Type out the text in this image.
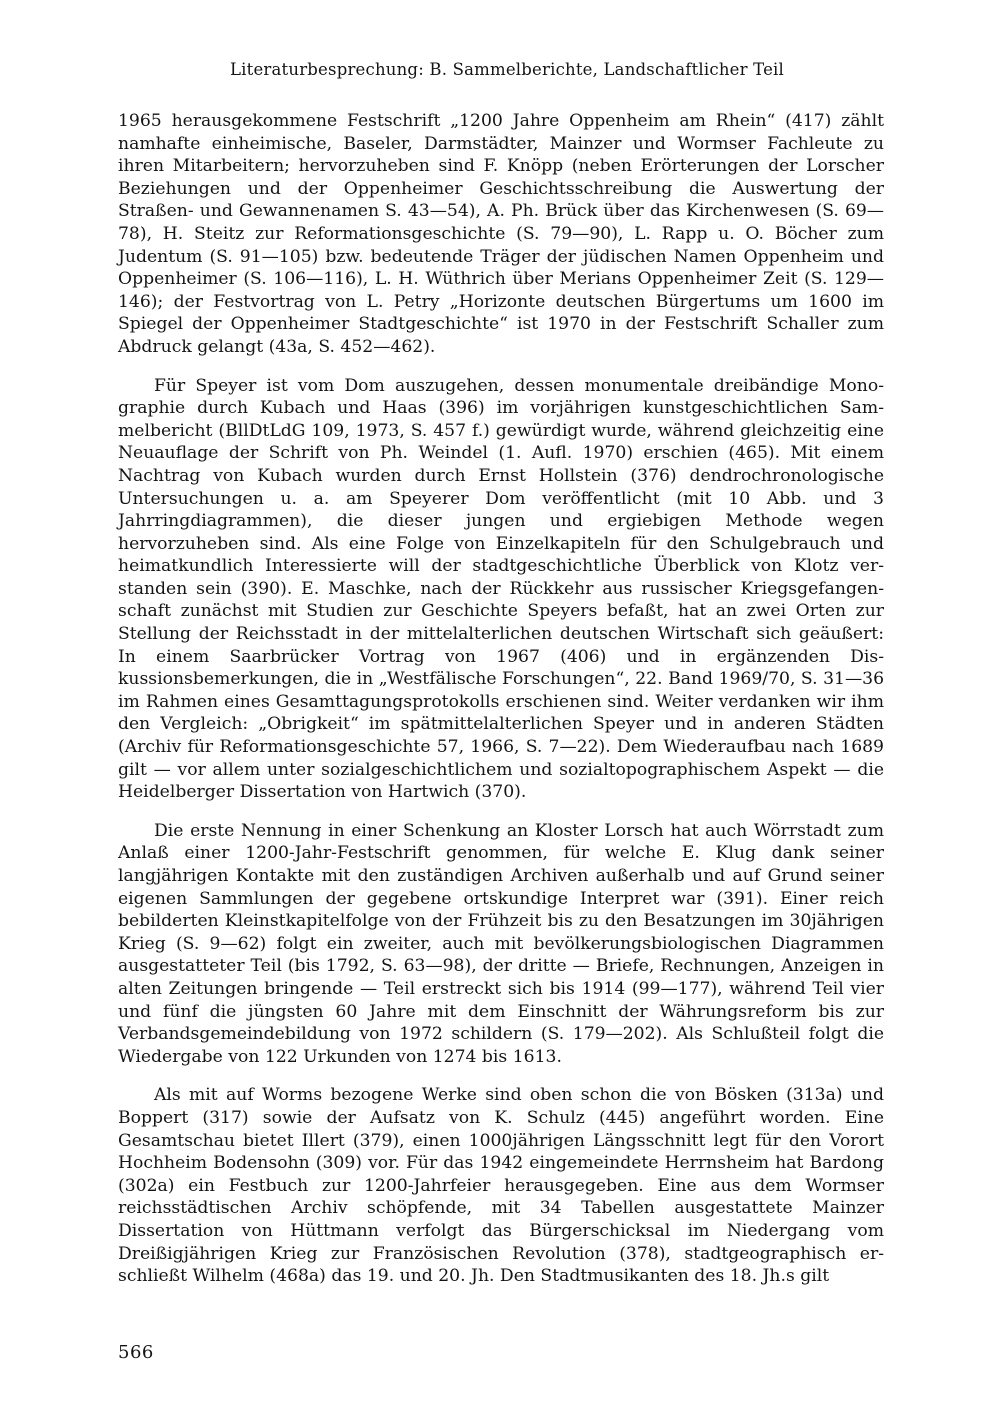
Literaturbesprechung: B. Sammelberichte, Landschaftlicher Teil

1965 herausgekommene Festschrift „1200 Jahre Oppenheim am Rhein“ (417) zählt namhafte einheimische, Baseler, Darmstädter, Mainzer und Wormser Fachleute zu ihren Mitarbeitern; hervorzuheben sind F. Knöpp (neben Erörterungen der Lorscher Beziehungen und der Oppenheimer Geschichtsschreibung die Auswertung der Straßen- und Gewannenamen S. 43—54), A. Ph. Brück über das Kirchenwesen (S. 69—78), H. Steitz zur Reformationsgeschichte (S. 79—90), L. Rapp u. O. Böcher zum Judentum (S. 91—105) bzw. bedeutende Träger der jüdischen Namen Oppenheim und Oppenheimer (S. 106—116), L. H. Wüthrich über Merians Oppenheimer Zeit (S. 129—146); der Festvortrag von L. Petry „Horizonte deutschen Bürgertums um 1600 im Spiegel der Oppenheimer Stadtgeschichte“ ist 1970 in der Festschrift Schaller zum Abdruck gelangt (43a, S. 452—462).

Für Speyer ist vom Dom auszugehen, dessen monumentale dreibändige Monographie durch Kubach und Haas (396) im vorjährigen kunstgeschichtlichen Sammelbericht (BllDtLdG 109, 1973, S. 457 f.) gewürdigt wurde, während gleichzeitig eine Neuauflage der Schrift von Ph. Weindel (1. Aufl. 1970) erschien (465). Mit einem Nachtrag von Kubach wurden durch Ernst Hollstein (376) dendrochronologische Untersuchungen u. a. am Speyerer Dom veröffentlicht (mit 10 Abb. und 3 Jahrringdiagrammen), die dieser jungen und ergiebigen Methode wegen hervorzuheben sind. Als eine Folge von Einzelkapiteln für den Schulgebrauch und heimatkundlich Interessierte will der stadtgeschichtliche Überblick von Klotz verstanden sein (390). E. Maschke, nach der Rückkehr aus russischer Kriegsgefangenschaft zunächst mit Studien zur Geschichte Speyers befaßt, hat an zwei Orten zur Stellung der Reichsstadt in der mittelalterlichen deutschen Wirtschaft sich geäußert: In einem Saarbrücker Vortrag von 1967 (406) und in ergänzenden Diskussionsbemerkungen, die in „Westfälische Forschungen“, 22. Band 1969/70, S. 31—36 im Rahmen eines Gesamttagungsprotokolls erschienen sind. Weiter verdanken wir ihm den Vergleich: „Obrigkeit“ im spätmittelalterlichen Speyer und in anderen Städten (Archiv für Reformationsgeschichte 57, 1966, S. 7—22). Dem Wiederaufbau nach 1689 gilt — vor allem unter sozialgeschichtlichem und sozialtopographischem Aspekt — die Heidelberger Dissertation von Hartwich (370).

Die erste Nennung in einer Schenkung an Kloster Lorsch hat auch Wörrstadt zum Anlaß einer 1200-Jahr-Festschrift genommen, für welche E. Klug dank seiner langjährigen Kontakte mit den zuständigen Archiven außerhalb und auf Grund seiner eigenen Sammlungen der gegebene ortskundige Interpret war (391). Einer reich bebilderten Kleinstkapitelfolge von der Frühzeit bis zu den Besatzungen im 30jährigen Krieg (S. 9—62) folgt ein zweiter, auch mit bevölkerungsbiologischen Diagrammen ausgestatteter Teil (bis 1792, S. 63—98), der dritte — Briefe, Rechnungen, Anzeigen in alten Zeitungen bringende — Teil erstreckt sich bis 1914 (99—177), während Teil vier und fünf die jüngsten 60 Jahre mit dem Einschnitt der Währungsreform bis zur Verbandsgemeindebildung von 1972 schildern (S. 179—202). Als Schlußteil folgt die Wiedergabe von 122 Urkunden von 1274 bis 1613.

Als mit auf Worms bezogene Werke sind oben schon die von Bösken (313a) und Boppert (317) sowie der Aufsatz von K. Schulz (445) angeführt worden. Eine Gesamtschau bietet Illert (379), einen 1000jährigen Längsschnitt legt für den Vorort Hochheim Bodensohn (309) vor. Für das 1942 eingemeindete Herrnsheim hat Bardong (302a) ein Festbuch zur 1200-Jahrfeier herausgegeben. Eine aus dem Wormser reichsstädtischen Archiv schöpfende, mit 34 Tabellen ausgestattete Mainzer Dissertation von Hüttmann verfolgt das Bürgerschicksal im Niedergang vom Dreißigjährigen Krieg zur Französischen Revolution (378), stadtgeographisch erschließt Wilhelm (468a) das 19. und 20. Jh. Den Stadtmusikanten des 18. Jh.s gilt

566
